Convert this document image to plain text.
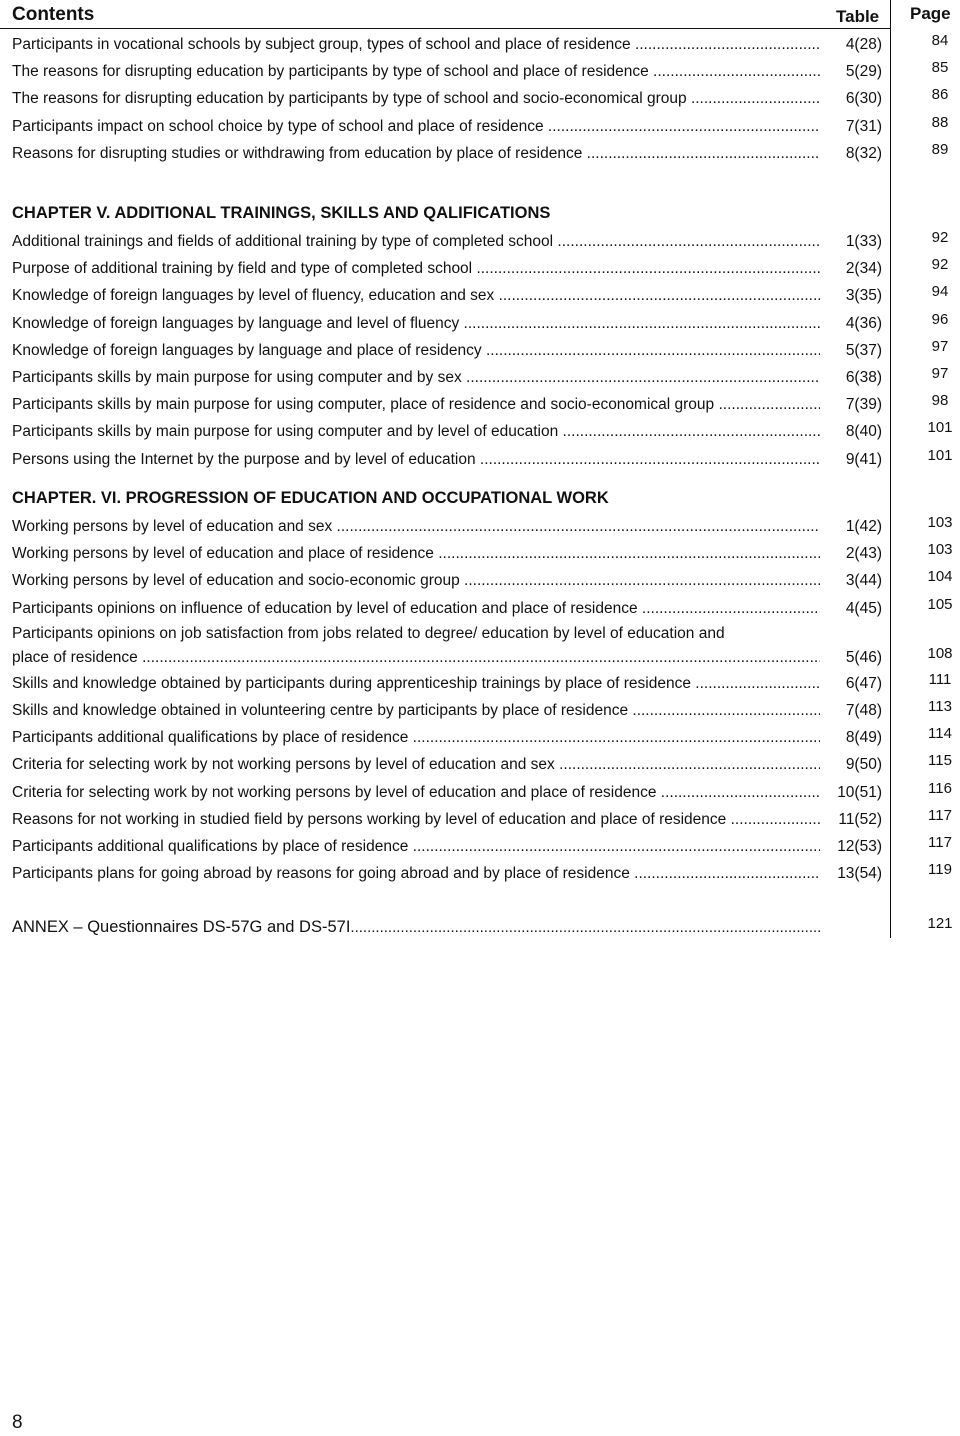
Contents	Table Page
Participants in vocational schools by subject group, types of school and place of residence .....	4(28)	84
The reasons for disrupting education by participants by type of school and place of residence .....	5(29)	85
The reasons for disrupting education by participants by type of school and socio-economical group .....	6(30)	86
Participants impact on school choice by type of school and place of residence .....	7(31)	88
Reasons for disrupting studies or withdrawing from education by place of residence .....	8(32)	89
CHAPTER V. ADDITIONAL TRAININGS, SKILLS AND QALIFICATIONS
Additional trainings and fields of additional training by type of completed school .....	1(33)	92
Purpose of additional training by field and type of completed school .....	2(34)	92
Knowledge of foreign languages by level of fluency, education and sex .....	3(35)	94
Knowledge of foreign languages by language and level of fluency .....	4(36)	96
Knowledge of foreign languages by language and place of residency .....	5(37)	97
Participants skills by main purpose for using computer and by sex .....	6(38)	97
Participants skills by main purpose for using computer, place of residence and socio-economical group .....	7(39)	98
Participants skills by main purpose for using computer and by level of education .....	8(40)	101
Persons using the Internet by the purpose and by level of education .....	9(41)	101
CHAPTER. VI. PROGRESSION OF EDUCATION AND OCCUPATIONAL WORK
Working persons by level of education and sex .....	1(42)	103
Working persons by level of education and place of residence .....	2(43)	103
Working persons by level of education and socio-economic group .....	3(44)	104
Participants opinions on influence of education by level of education and place of residence .....	4(45)	105
Participants opinions on job satisfaction from jobs related to degree/ education by level of education and
place of residence .....	5(46)	108
Skills and knowledge obtained by participants during apprenticeship trainings by place of residence .....	6(47)	111
Skills and knowledge obtained in volunteering centre by participants by place of residence .....	7(48)	113
Participants additional qualifications by place of residence .....	8(49)	114
Criteria for selecting work by not working persons by level of education and sex .....	9(50)	115
Criteria for selecting work by not working persons by level of education and place of residence .....	10(51)	116
Reasons for not working in studied field by persons working by level of education and place of residence .....	11(52)	117
Participants additional qualifications by place of residence .....	12(53)	117
Participants plans for going abroad by reasons for going abroad and by place of residence .....	13(54)	119
ANNEX – Questionnaires DS-57G and DS-57I .....	121
8
